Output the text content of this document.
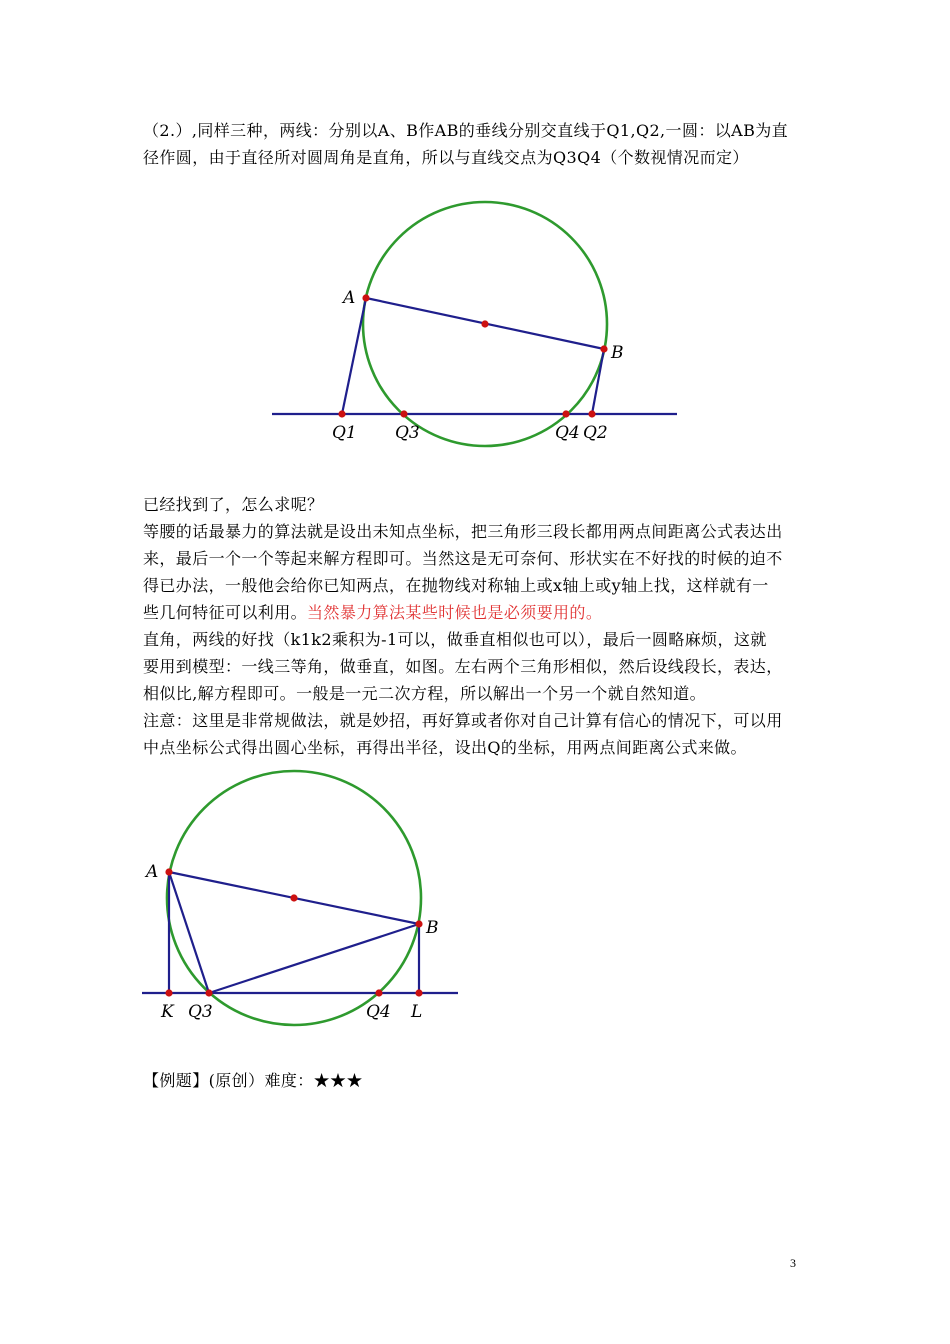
（2.）,同样三种，两线：分别以A、B作AB的垂线分别交直线于Q1,Q2,一圆：以AB为直
径作圆，由于直径所对圆周角是直角，所以与直线交点为Q3Q4（个数视情况而定）

A
B
Q1 Q3	Q4 Q2
已经找到了，怎么求呢？
等腰的话最暴力的算法就是设出未知点坐标，把三角形三段长都用两点间距离公式表达出
来，最后一个一个等起来解方程即可。当然这是无可奈何、形状实在不好找的时候的迫不
得已办法，一般他会给你已知两点，在抛物线对称轴上或x轴上或y轴上找，这样就有一
些几何特征可以利用。当然暴力算法某些时候也是必须要用的。
直角，两线的好找（k1k2乘积为-1可以，做垂直相似也可以），最后一圆略麻烦，这就
要用到模型：一线三等角，做垂直，如图。左右两个三角形相似，然后设线段长，表达，
相似比,解方程即可。一般是一元二次方程，所以解出一个另一个就自然知道。
注意：这里是非常规做法，就是妙招，再好算或者你对自己计算有信心的情况下，可以用
中点坐标公式得出圆心坐标，再得出半径，设出Q的坐标，用两点间距离公式来做。
A
B
K Q3	Q4 L
【例题】(原创）难度：★★★
3
